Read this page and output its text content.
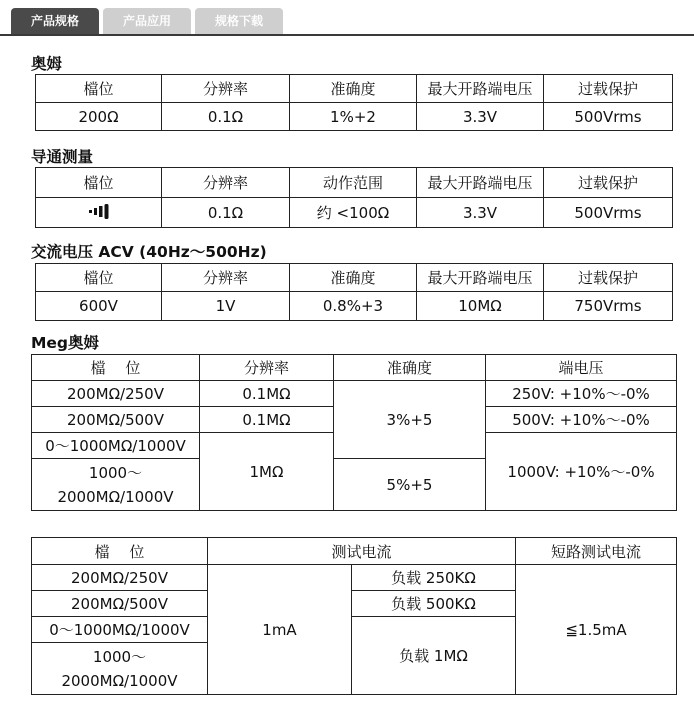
产品规格	产品应用	规格下载
奥姆
檔位	分辨率	准确度	最大开路端电压	过载保护
200Ω	0.1Ω	1%+2	3.3V	500Vrms
导通测量
檔位	分辨率	动作范围	最大开路端电压	过载保护
	0.1Ω	约 <100Ω	3.3V	500Vrms
交流电压 ACV (40Hz～500Hz)
檔位	分辨率	准确度	最大开路端电压	过载保护
600V	1V	0.8%+3	10MΩ	750Vrms
Meg奥姆
檔　 位	分辨率	准确度	端电压
200MΩ/250V	0.1MΩ	3%+5	250V: +10%～-0%
200MΩ/500V	0.1MΩ		500V: +10%～-0%
0～1000MΩ/1000V	1MΩ		1000V: +10%～-0%
1000～
2000MΩ/1000V		5%+5	
檔　 位	测试电流		短路测试电流
200MΩ/250V	1mA	负载 250KΩ	≦1.5mA
200MΩ/500V		负载 500KΩ	
0～1000MΩ/1000V		负载 1MΩ	
1000～
2000MΩ/1000V			
